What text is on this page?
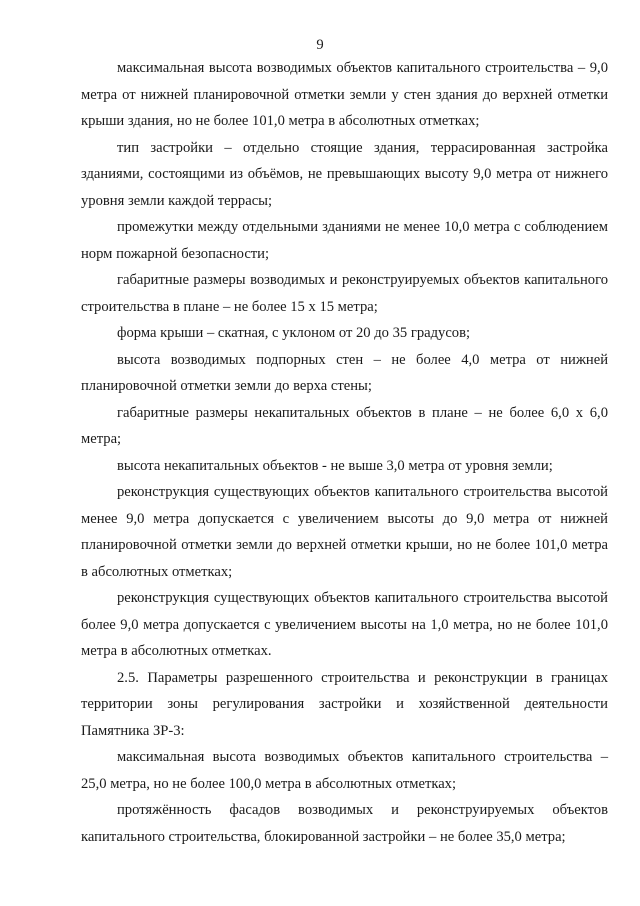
9

максимальная высота возводимых объектов капитального строительства – 9,0 метра от нижней планировочной отметки земли у стен здания до верхней отметки крыши здания, но не более 101,0 метра в абсолютных отметках;

тип застройки – отдельно стоящие здания, террасированная застройка зданиями, состоящими из объёмов, не превышающих высоту 9,0 метра от нижнего уровня земли каждой террасы;

промежутки между отдельными зданиями не менее 10,0 метра с соблюдением норм пожарной безопасности;

габаритные размеры возводимых и реконструируемых объектов капитального строительства в плане – не более 15 х 15 метра;

форма крыши – скатная, с уклоном от 20 до 35 градусов;

высота возводимых подпорных стен – не более 4,0 метра от нижней планировочной отметки земли до верха стены;

габаритные размеры некапитальных объектов в плане – не более 6,0 х 6,0 метра;

высота некапитальных объектов - не выше 3,0 метра от уровня земли;

реконструкция существующих объектов капитального строительства высотой менее 9,0 метра допускается с увеличением высоты до 9,0 метра от нижней планировочной отметки земли до верхней отметки крыши, но не более 101,0 метра в абсолютных отметках;

реконструкция существующих объектов капитального строительства высотой более 9,0 метра допускается с увеличением высоты на 1,0 метра, но не более 101,0 метра в абсолютных отметках.

2.5. Параметры разрешенного строительства и реконструкции в границах территории зоны регулирования застройки и хозяйственной деятельности Памятника ЗР-3:

максимальная высота возводимых объектов капитального строительства – 25,0 метра, но не более 100,0 метра в абсолютных отметках;

протяжённость фасадов возводимых и реконструируемых объектов капитального строительства, блокированной застройки – не более 35,0 метра;
